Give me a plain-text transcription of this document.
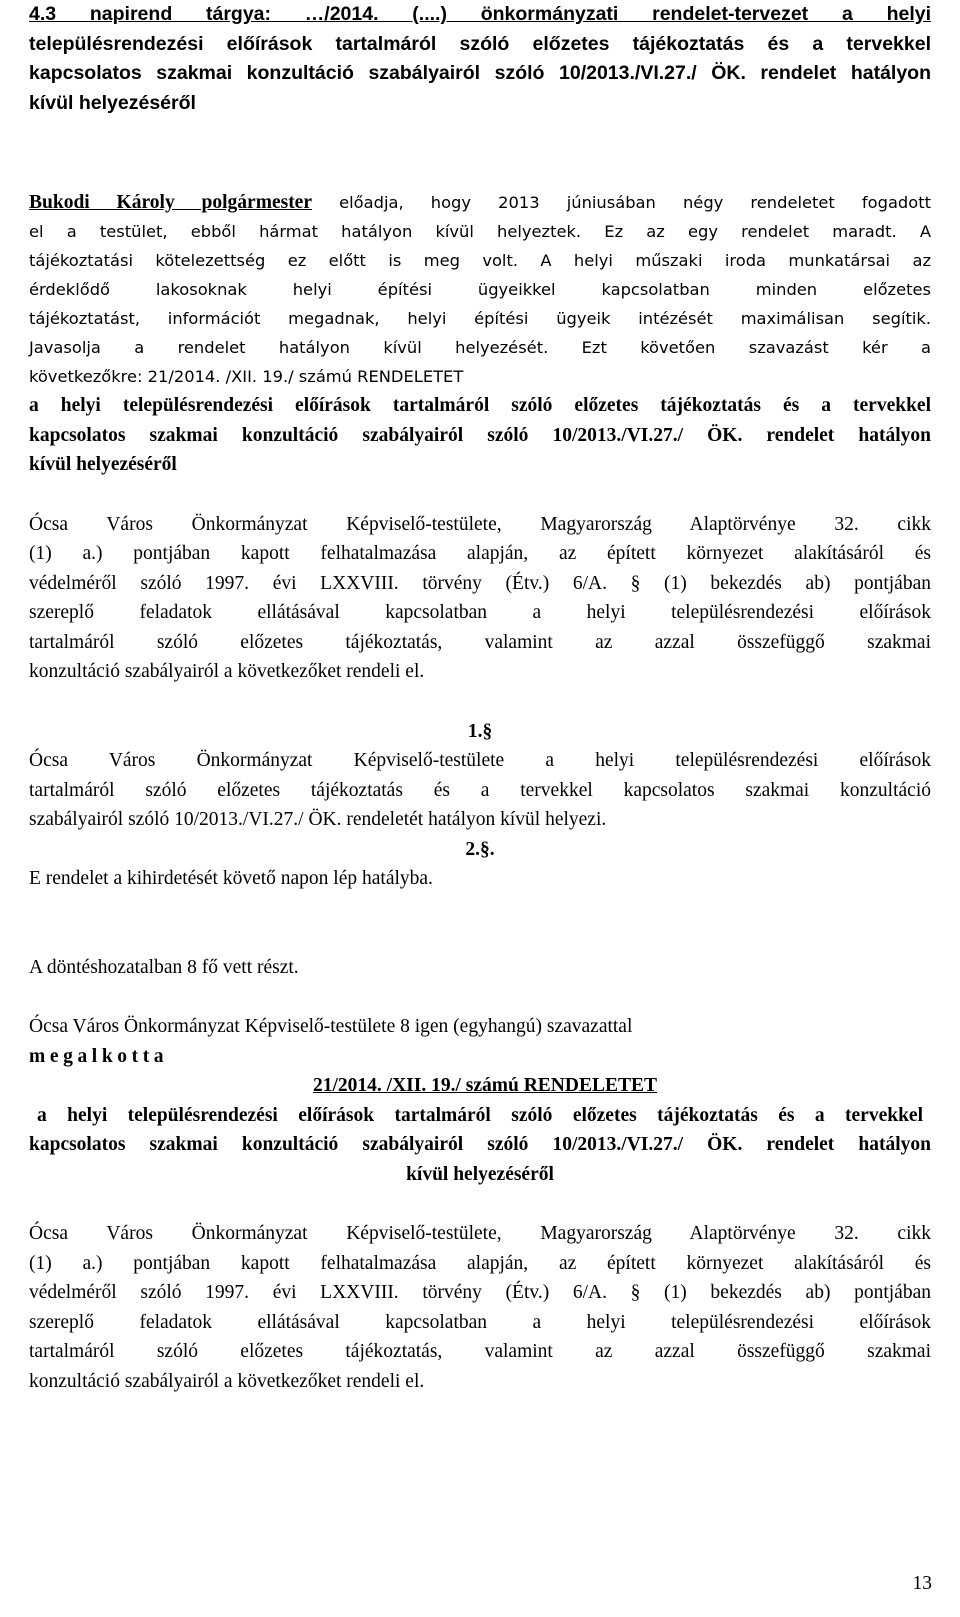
4.3 napirend tárgya: …/2014. (....) önkormányzati rendelet-tervezet a helyi

településrendezési előírások tartalmáról szóló előzetes tájékoztatás és a tervekkel

kapcsolatos szakmai konzultáció szabályairól szóló 10/2013./VI.27./ ÖK. rendelet hatályon

kívül helyezéséről

Bukodi Károly polgármester előadja, hogy 2013 júniusában négy rendeletet fogadott

el a testület, ebből hármat hatályon kívül helyeztek. Ez az egy rendelet maradt. A

tájékoztatási kötelezettség ez előtt is meg volt. A helyi műszaki iroda munkatársai az

érdeklődő lakosoknak helyi építési ügyeikkel kapcsolatban minden előzetes

tájékoztatást, információt megadnak, helyi építési ügyeik intézését maximálisan segítik.

Javasolja a rendelet hatályon kívül helyezését. Ezt követően szavazást kér a

következőkre: 21/2014. /XII. 19./ számú RENDELETET

a helyi településrendezési előírások tartalmáról szóló előzetes tájékoztatás és a tervekkel

kapcsolatos szakmai konzultáció szabályairól szóló 10/2013./VI.27./ ÖK. rendelet hatályon

kívül helyezéséről

Ócsa Város Önkormányzat Képviselő-testülete, Magyarország Alaptörvénye 32. cikk

(1) a.) pontjában kapott felhatalmazása alapján, az épített környezet alakításáról és

védelméről szóló 1997. évi LXXVIII. törvény (Étv.) 6/A. § (1) bekezdés ab) pontjában

szereplő feladatok ellátásával kapcsolatban a helyi településrendezési előírások

tartalmáról szóló előzetes tájékoztatás, valamint az azzal összefüggő szakmai

konzultáció szabályairól a következőket rendeli el.

1.§

Ócsa Város Önkormányzat Képviselő-testülete a helyi településrendezési előírások

tartalmáról szóló előzetes tájékoztatás és a tervekkel kapcsolatos szakmai konzultáció

szabályairól szóló 10/2013./VI.27./ ÖK. rendeletét hatályon kívül helyezi.

2.§.

E rendelet a kihirdetését követő napon lép hatályba.

A döntéshozatalban 8 fő vett részt.

Ócsa Város Önkormányzat Képviselő-testülete 8 igen (egyhangú) szavazattal

megalkotta

21/2014. /XII. 19./ számú RENDELETET

a helyi településrendezési előírások tartalmáról szóló előzetes tájékoztatás és a tervekkel

kapcsolatos szakmai konzultáció szabályairól szóló 10/2013./VI.27./ ÖK. rendelet hatályon

kívül helyezéséről

Ócsa Város Önkormányzat Képviselő-testülete, Magyarország Alaptörvénye 32. cikk

(1) a.) pontjában kapott felhatalmazása alapján, az épített környezet alakításáról és

védelméről szóló 1997. évi LXXVIII. törvény (Étv.) 6/A. § (1) bekezdés ab) pontjában

szereplő feladatok ellátásával kapcsolatban a helyi településrendezési előírások

tartalmáról szóló előzetes tájékoztatás, valamint az azzal összefüggő szakmai

konzultáció szabályairól a következőket rendeli el.

13
